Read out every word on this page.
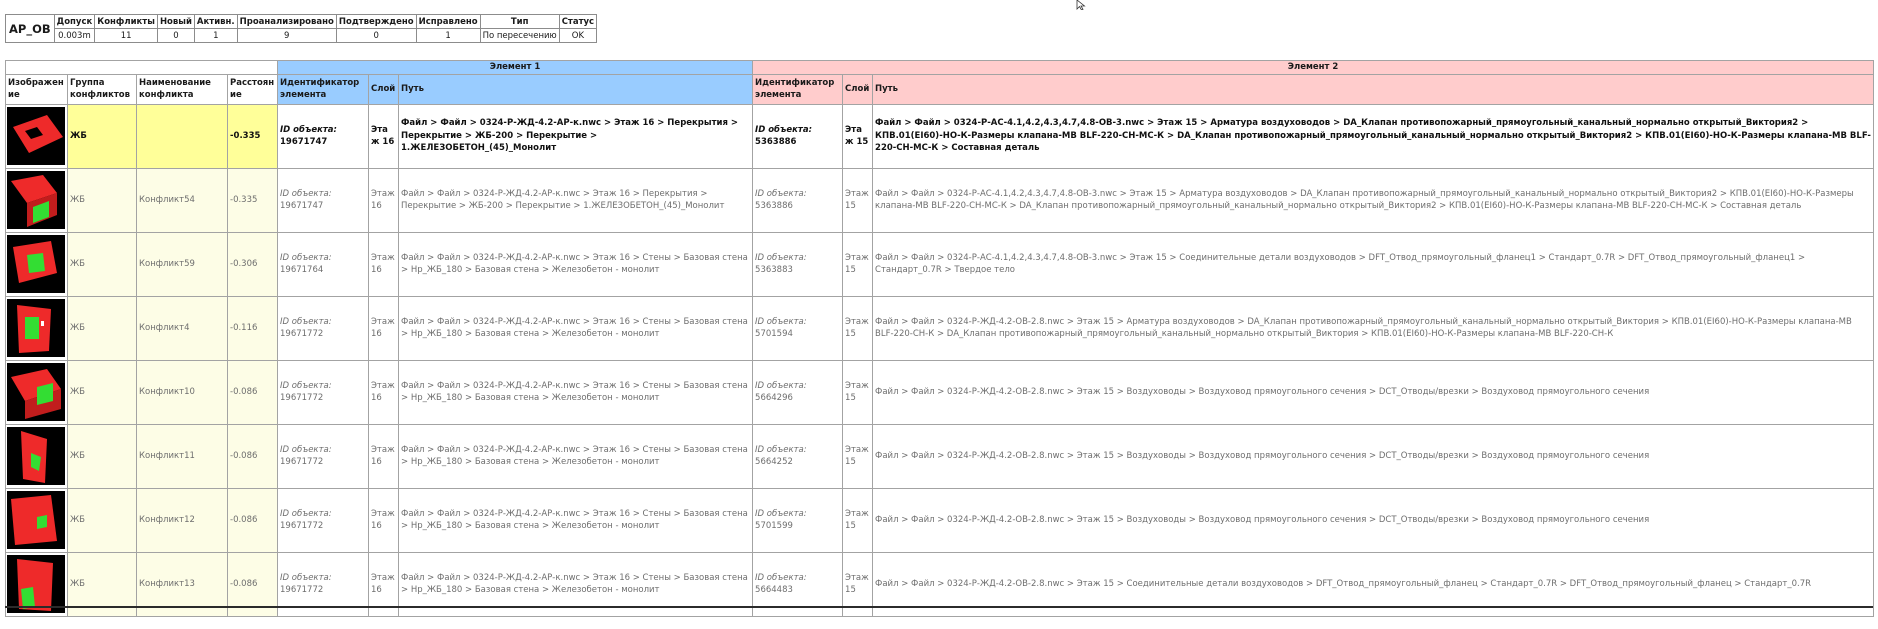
AP_OB	Допуск	Конфликты	Новый	Активн.	Проанализировано	Подтверждено	Исправлено	Тип	Статус
	0.003m	11	0	1	9	0	1	По пересечению	OK
				Элемент 1			Элемент 2		
Изображение	Группа конфликтов	Наименование конфликта	Расстояние	Идентификатор элемента	Слой	Путь	Идентификатор элемента	Слой	Путь

	ЖБ		-0.335	ID объекта: 19671747	Этаж 16	Файл > Файл > 0324-Р-ЖД-4.2-АР-к.nwc > Этаж 16 > Перекрытия > Перекрытие > ЖБ-200 > Перекрытие > 1.ЖЕЛЕЗОБЕТОН_(45)_Монолит	ID объекта: 5363886	Этаж 15	Файл > Файл > 0324-Р-АС-4.1,4.2,4.3,4.7,4.8-ОВ-3.nwc > Этаж 15 > Арматура воздуховодов > DA_Клапан противопожарный_прямоугольный_канальный_нормально открытый_Виктория2 > КПВ.01(EI60)-НО-К-Размеры клапана-MB BLF-220-СН-МС-К > DA_Клапан противопожарный_прямоугольный_канальный_нормально открытый_Виктория2 > КПВ.01(EI60)-НО-К-Размеры клапана-MB BLF-220-СН-МС-К > Составная деталь

	ЖБ	Конфликт54	-0.335	ID объекта: 19671747	Этаж 16	Файл > Файл > 0324-Р-ЖД-4.2-АР-к.nwc > Этаж 16 > Перекрытия > Перекрытие > ЖБ-200 > Перекрытие > 1.ЖЕЛЕЗОБЕТОН_(45)_Монолит	ID объекта: 5363886	Этаж 15	Файл > Файл > 0324-Р-АС-4.1,4.2,4.3,4.7,4.8-ОВ-3.nwc > Этаж 15 > Арматура воздуховодов > DA_Клапан противопожарный_прямоугольный_канальный_нормально открытый_Виктория2 > КПВ.01(EI60)-НО-К-Размеры клапана-MB BLF-220-СН-МС-К > DA_Клапан противопожарный_прямоугольный_канальный_нормально открытый_Виктория2 > КПВ.01(EI60)-НО-К-Размеры клапана-MB BLF-220-СН-МС-К > Составная деталь

	ЖБ	Конфликт59	-0.306	ID объекта: 19671764	Этаж 16	Файл > Файл > 0324-Р-ЖД-4.2-АР-к.nwc > Этаж 16 > Стены > Базовая стена > Нр_ЖБ_180 > Базовая стена > Железобетон - монолит	ID объекта: 5363883	Этаж 15	Файл > Файл > 0324-Р-АС-4.1,4.2,4.3,4.7,4.8-ОВ-3.nwc > Этаж 15 > Соединительные детали воздуховодов > DFT_Отвод_прямоугольный_фланец1 > Стандарт_0.7R > DFT_Отвод_прямоугольный_фланец1 > Стандарт_0.7R > Твердое тело

	ЖБ	Конфликт4	-0.116	ID объекта: 19671772	Этаж 16	Файл > Файл > 0324-Р-ЖД-4.2-АР-к.nwc > Этаж 16 > Стены > Базовая стена > Нр_ЖБ_180 > Базовая стена > Железобетон - монолит	ID объекта: 5701594	Этаж 15	Файл > Файл > 0324-Р-ЖД-4.2-ОВ-2.8.nwc > Этаж 15 > Арматура воздуховодов > DA_Клапан противопожарный_прямоугольный_канальный_нормально открытый_Виктория > КПВ.01(EI60)-НО-К-Размеры клапана-MB BLF-220-СН-К > DA_Клапан противопожарный_прямоугольный_канальный_нормально открытый_Виктория > КПВ.01(EI60)-НО-К-Размеры клапана-MB BLF-220-СН-К

	ЖБ	Конфликт10	-0.086	ID объекта: 19671772	Этаж 16	Файл > Файл > 0324-Р-ЖД-4.2-АР-к.nwc > Этаж 16 > Стены > Базовая стена > Нр_ЖБ_180 > Базовая стена > Железобетон - монолит	ID объекта: 5664296	Этаж 15	Файл > Файл > 0324-Р-ЖД-4.2-ОВ-2.8.nwc > Этаж 15 > Воздуховоды > Воздуховод прямоугольного сечения > DCT_Отводы/врезки > Воздуховод прямоугольного сечения

	ЖБ	Конфликт11	-0.086	ID объекта: 19671772	Этаж 16	Файл > Файл > 0324-Р-ЖД-4.2-АР-к.nwc > Этаж 16 > Стены > Базовая стена > Нр_ЖБ_180 > Базовая стена > Железобетон - монолит	ID объекта: 5664252	Этаж 15	Файл > Файл > 0324-Р-ЖД-4.2-ОВ-2.8.nwc > Этаж 15 > Воздуховоды > Воздуховод прямоугольного сечения > DCT_Отводы/врезки > Воздуховод прямоугольного сечения

	ЖБ	Конфликт12	-0.086	ID объекта: 19671772	Этаж 16	Файл > Файл > 0324-Р-ЖД-4.2-АР-к.nwc > Этаж 16 > Стены > Базовая стена > Нр_ЖБ_180 > Базовая стена > Железобетон - монолит	ID объекта: 5701599	Этаж 15	Файл > Файл > 0324-Р-ЖД-4.2-ОВ-2.8.nwc > Этаж 15 > Воздуховоды > Воздуховод прямоугольного сечения > DCT_Отводы/врезки > Воздуховод прямоугольного сечения

	ЖБ	Конфликт13	-0.086	ID объекта: 19671772	Этаж 16	Файл > Файл > 0324-Р-ЖД-4.2-АР-к.nwc > Этаж 16 > Стены > Базовая стена > Нр_ЖБ_180 > Базовая стена > Железобетон - монолит	ID объекта: 5664483	Этаж 15	Файл > Файл > 0324-Р-ЖД-4.2-ОВ-2.8.nwc > Этаж 15 > Соединительные детали воздуховодов > DFT_Отвод_прямоугольный_фланец > Стандарт_0.7R > DFT_Отвод_прямоугольный_фланец > Стандарт_0.7R
